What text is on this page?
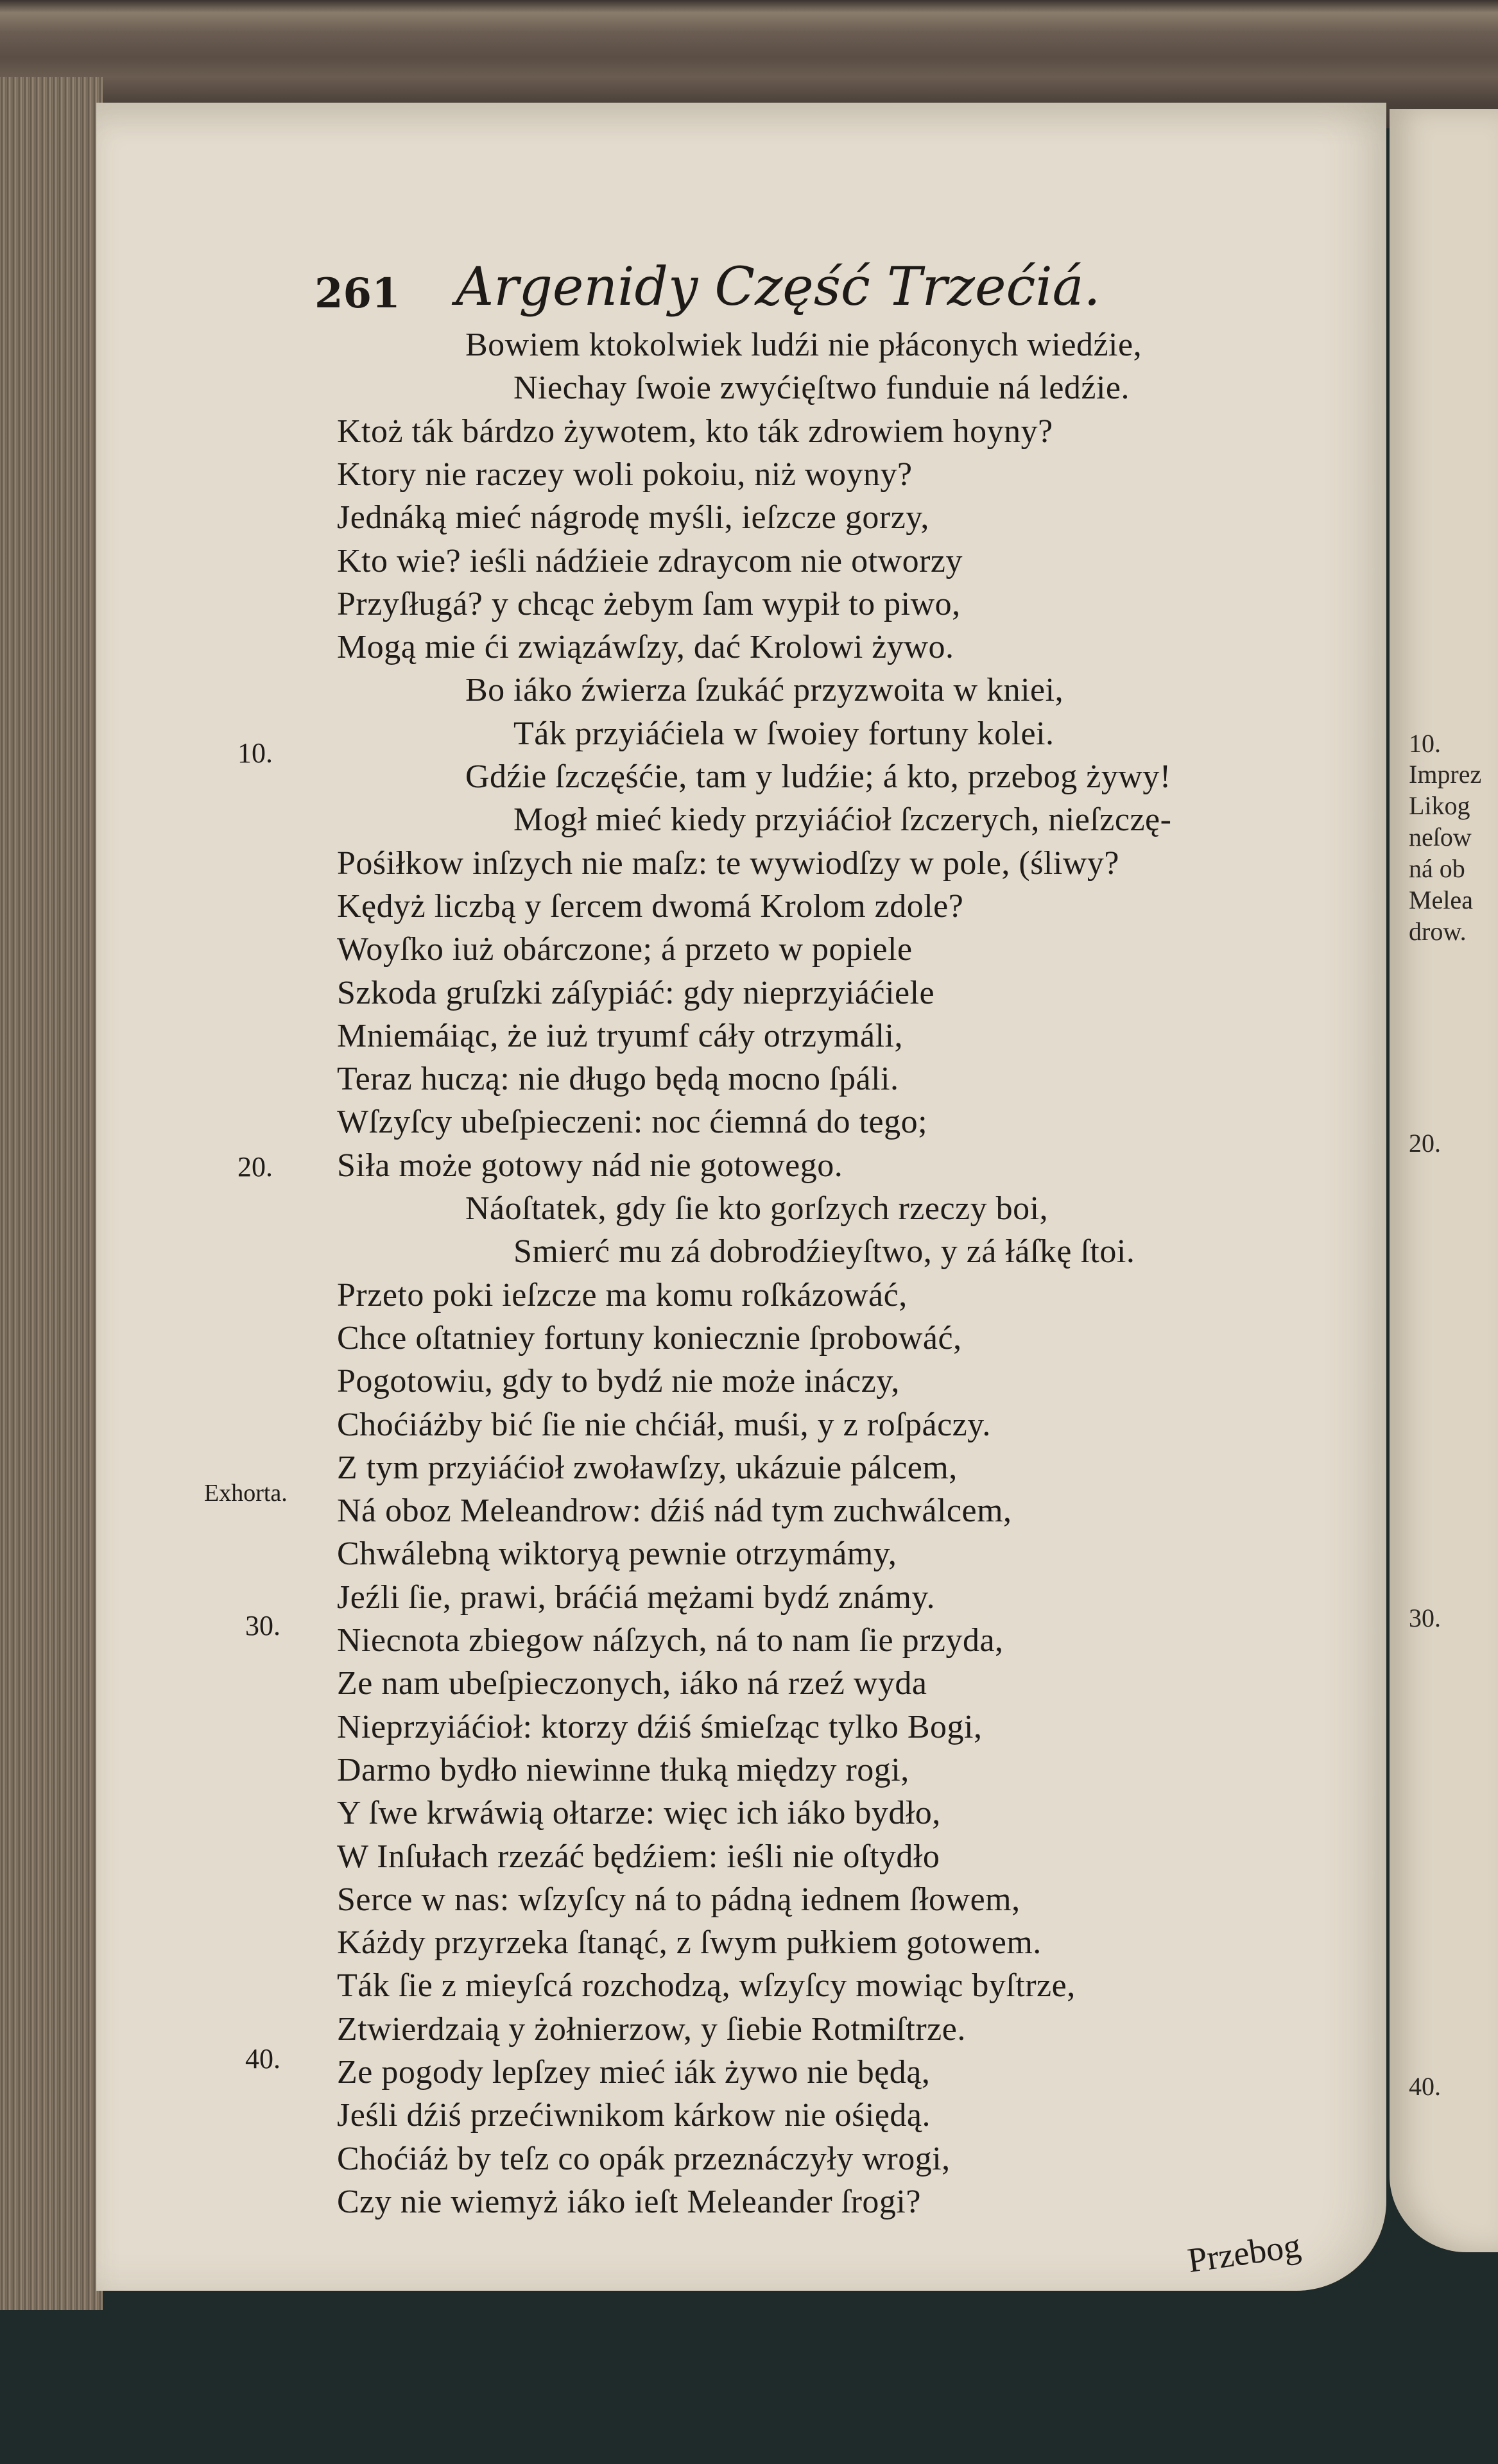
261 Argenidy Część Trzećiá.
Bowiem ktokolwiek ludźi nie płáconych wiedźie,
Niechay ſwoie zwyćięſtwo funduie ná ledźie.
Ktoż ták bárdzo żywotem, kto ták zdrowiem hoyny?
Ktory nie raczey woli pokoiu, niż woyny?
Jednáką mieć nágrodę myśli, ieſzcze gorzy,
Kto wie? ieśli nádźieie zdraycom nie otworzy
Przyſługá? y chcąc żebym ſam wypił to piwo,
Mogą mie ći związáwſzy, dać Krolowi żywo.
Bo iáko źwierza ſzukáć przyzwoita w kniei,
Ták przyiáćiela w ſwoiey fortuny kolei.
Gdźie ſzczęśćie, tam y ludźie; á kto, przebog żywy!
Mogł mieć kiedy przyiáćioł ſzczerych, nieſzczę-
Pośiłkow inſzych nie maſz: te wywiodſzy w pole, (śliwy?
Kędyż liczbą y ſercem dwomá Krolom zdole?
Woyſko iuż obárczone; á przeto w popiele
Szkoda gruſzki záſypiáć: gdy nieprzyiáćiele
Mniemáiąc, że iuż tryumf cáły otrzymáli,
Teraz huczą: nie długo będą mocno ſpáli.
Wſzyſcy ubeſpieczeni: noc ćiemná do tego;
Siła może gotowy nád nie gotowego.
Náoſtatek, gdy ſie kto gorſzych rzeczy boi,
Smierć mu zá dobrodźieyſtwo, y zá łáſkę ſtoi.
Przeto poki ieſzcze ma komu roſkázowáć,
Chce oſtatniey fortuny koniecznie ſprobowáć,
Pogotowiu, gdy to bydź nie może ináczy,
Choćiáżby bić ſie nie chćiáł, muśi, y z roſpáczy.
Z tym przyiáćioł zwoławſzy, ukázuie pálcem,
Ná oboz Meleandrow: dźiś nád tym zuchwálcem,
Chwálebną wiktoryą pewnie otrzymámy,
Jeźli ſie, prawi, bráćiá mężami bydź známy.
Niecnota zbiegow náſzych, ná to nam ſie przyda,
Ze nam ubeſpieczonych, iáko ná rzeź wyda
Nieprzyiáćioł: ktorzy dźiś śmieſząc tylko Bogi,
Darmo bydło niewinne tłuką między rogi,
Y ſwe krwáwią ołtarze: więc ich iáko bydło,
W Inſułach rzezáć będźiem: ieśli nie oſtydło
Serce w nas: wſzyſcy ná to pádną iednem ſłowem,
Káżdy przyrzeka ſtanąć, z ſwym pułkiem gotowem.
Ták ſie z mieyſcá rozchodzą, wſzyſcy mowiąc byſtrze,
Ztwierdzaią y żołnierzow, y ſiebie Rotmiſtrze.
Ze pogody lepſzey mieć iák żywo nie będą,
Jeśli dźiś przećiwnikom kárkow nie ośiędą.
Choćiáż by teſz co opák przeznáczyły wrogi,
Czy nie wiemyż iáko ieſt Meleander ſrogi?
10.
20.
Exhorta.
30.
40.
Przebog
10.
Imprez
Likog
neſow
ná ob
Melea
drow.
20.
30.
40.
